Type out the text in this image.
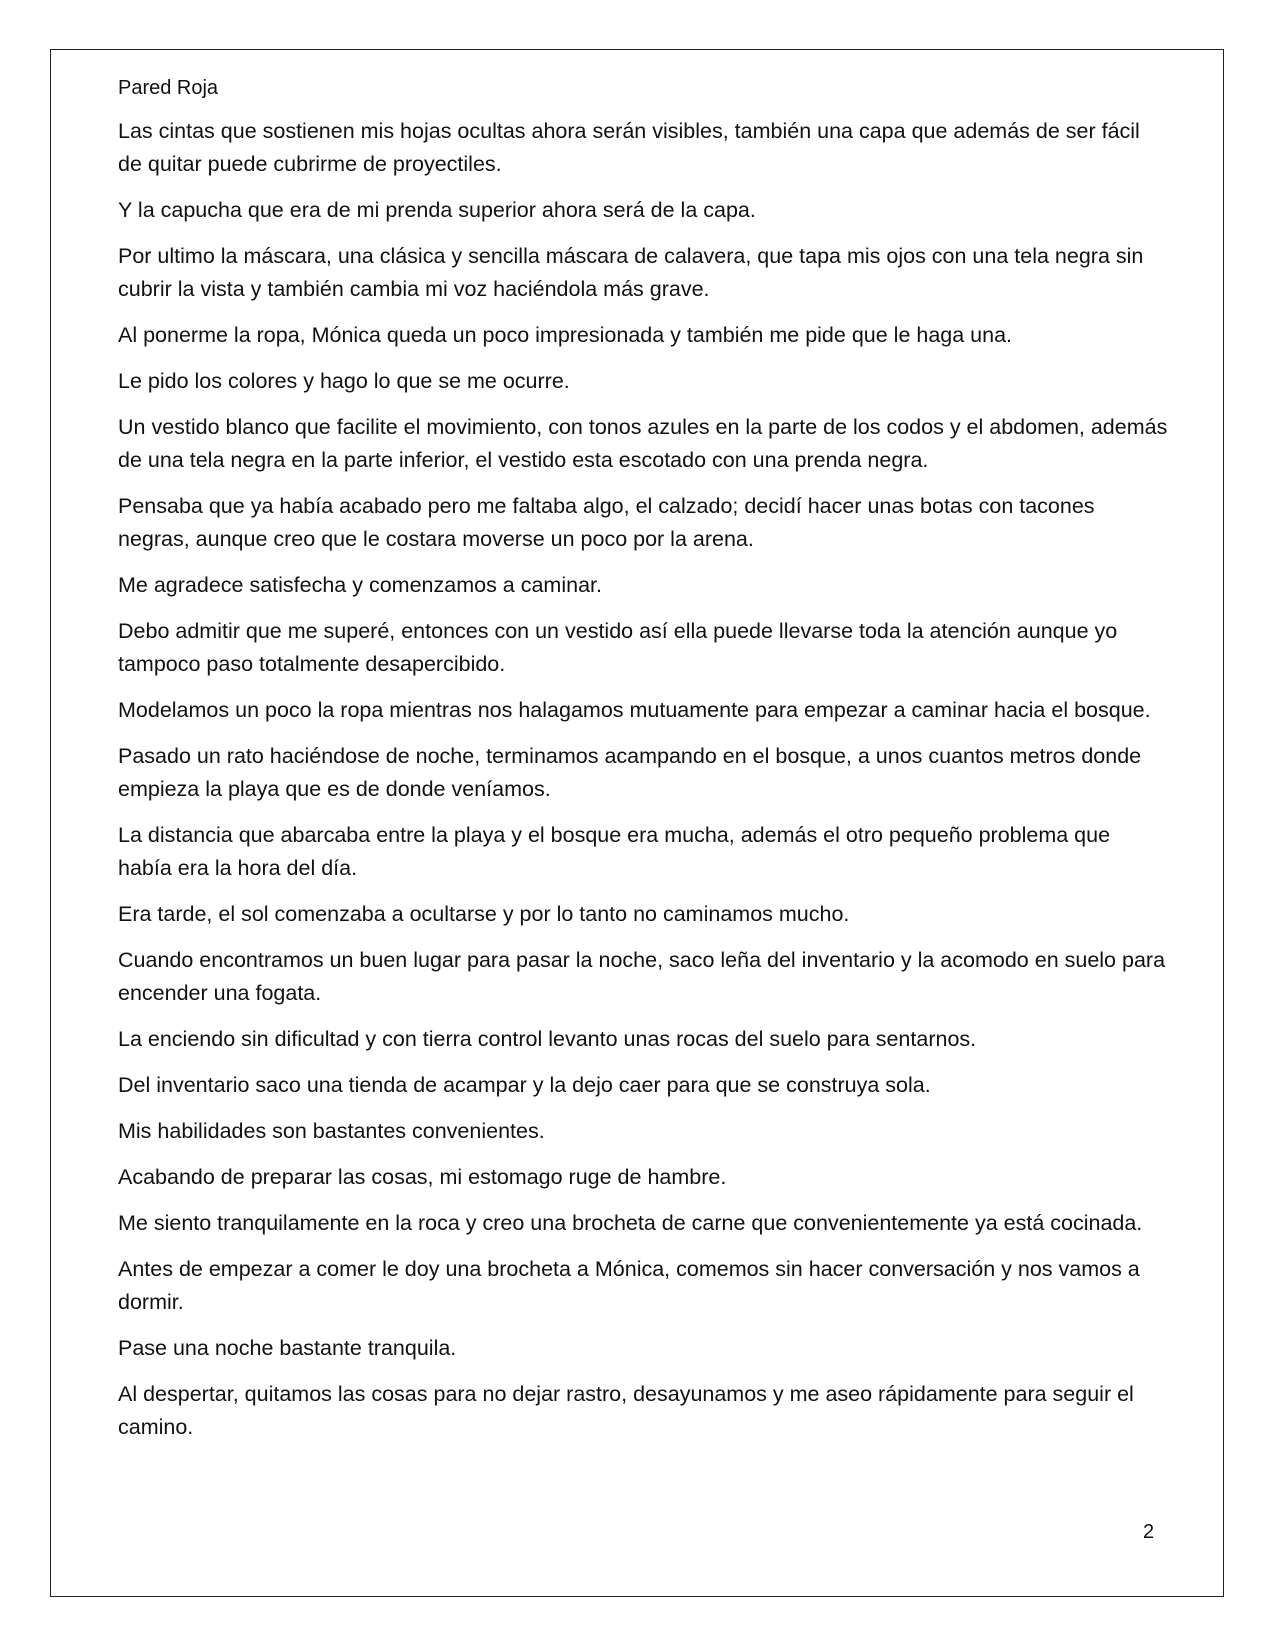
Pared Roja

Las cintas que sostienen mis hojas ocultas ahora serán visibles, también una capa que además de ser fácil de quitar puede cubrirme de proyectiles.

Y la capucha que era de mi prenda superior ahora será de la capa.

Por ultimo la máscara, una clásica y sencilla máscara de calavera, que tapa mis ojos con una tela negra sin cubrir la vista y también cambia mi voz haciéndola más grave.

Al ponerme la ropa, Mónica queda un poco impresionada y también me pide que le haga una.

Le pido los colores y hago lo que se me ocurre.

Un vestido blanco que facilite el movimiento, con tonos azules en la parte de los codos y el abdomen, además de una tela negra en la parte inferior, el vestido esta escotado con una prenda negra.

Pensaba que ya había acabado pero me faltaba algo, el calzado; decidí hacer unas botas con tacones negras, aunque creo que le costara moverse un poco por la arena.

Me agradece satisfecha y comenzamos a caminar.

Debo admitir que me superé, entonces con un vestido así ella puede llevarse toda la atención aunque yo tampoco paso totalmente desapercibido.

Modelamos un poco la ropa mientras nos halagamos mutuamente para empezar a caminar hacia el bosque.

Pasado un rato haciéndose de noche, terminamos acampando en el bosque, a unos cuantos metros donde empieza la playa que es de donde veníamos.

La distancia que abarcaba entre la playa y el bosque era mucha, además el otro pequeño problema que había era la hora del día.

Era tarde, el sol comenzaba a ocultarse y por lo tanto no caminamos mucho.

Cuando encontramos un buen lugar para pasar la noche, saco leña del inventario y la acomodo en suelo para encender una fogata.

La enciendo sin dificultad y con tierra control levanto unas rocas del suelo para sentarnos.

Del inventario saco una tienda de acampar y la dejo caer para que se construya sola.

Mis habilidades son bastantes convenientes.

Acabando de preparar las cosas, mi estomago ruge de hambre.

Me siento tranquilamente en la roca y creo una brocheta de carne que convenientemente ya está cocinada.

Antes de empezar a comer le doy una brocheta a Mónica, comemos sin hacer conversación y nos vamos a dormir.

Pase una noche bastante tranquila.

Al despertar, quitamos las cosas para no dejar rastro, desayunamos y me aseo rápidamente para seguir el camino.

2
